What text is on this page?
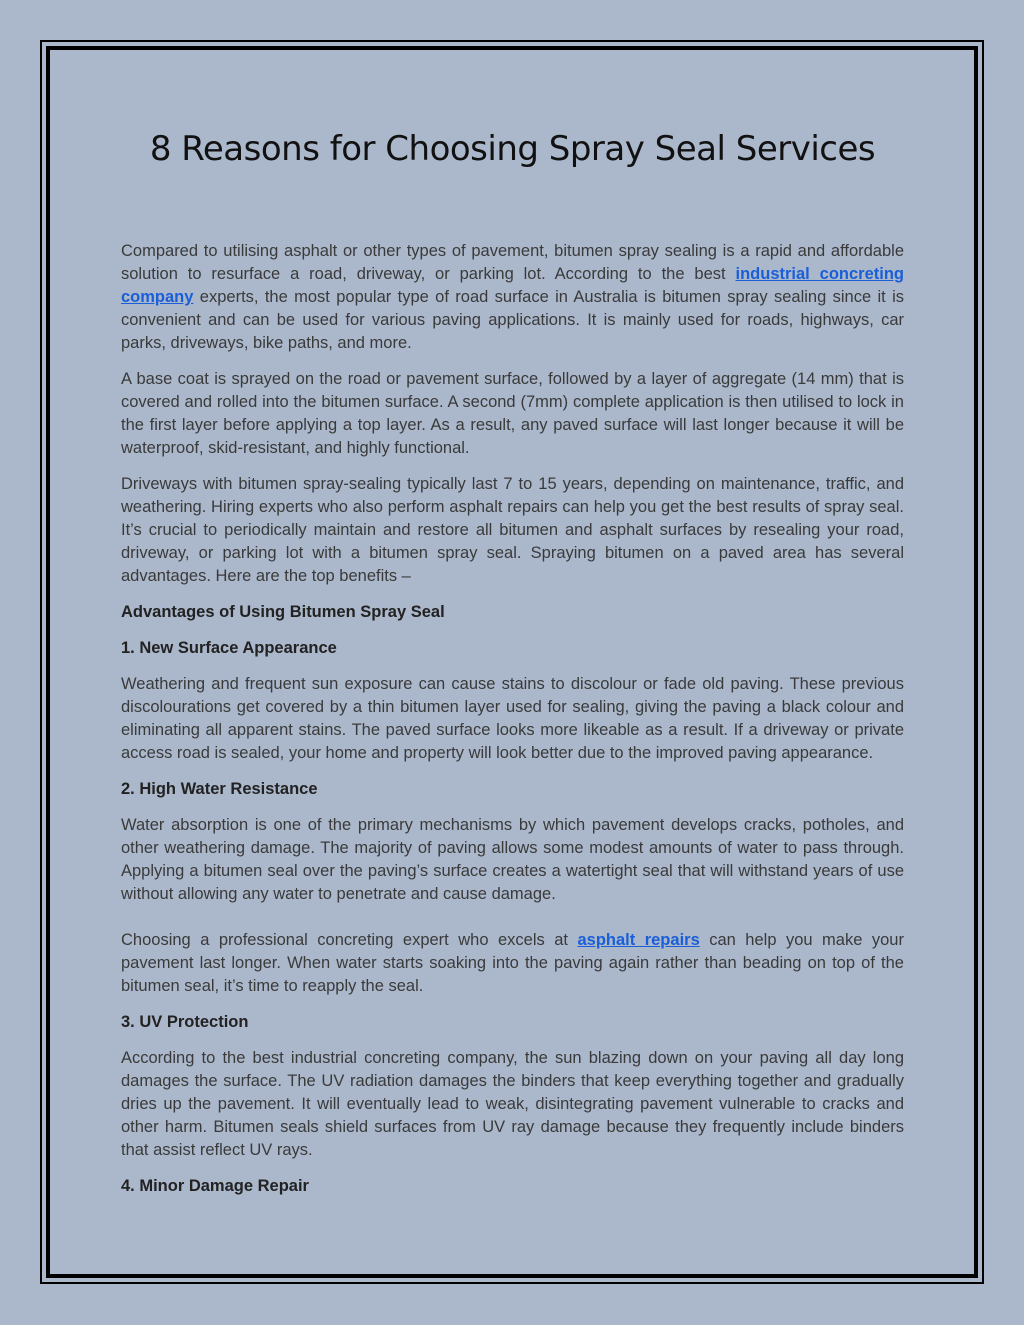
8 Reasons for Choosing Spray Seal Services

Compared to utilising asphalt or other types of pavement, bitumen spray sealing is a rapid and affordable solution to resurface a road, driveway, or parking lot. According to the best industrial concreting company experts, the most popular type of road surface in Australia is bitumen spray sealing since it is convenient and can be used for various paving applications. It is mainly used for roads, highways, car parks, driveways, bike paths, and more.

A base coat is sprayed on the road or pavement surface, followed by a layer of aggregate (14 mm) that is covered and rolled into the bitumen surface. A second (7mm) complete application is then utilised to lock in the first layer before applying a top layer. As a result, any paved surface will last longer because it will be waterproof, skid-resistant, and highly functional.

Driveways with bitumen spray-sealing typically last 7 to 15 years, depending on maintenance, traffic, and weathering. Hiring experts who also perform asphalt repairs can help you get the best results of spray seal. It’s crucial to periodically maintain and restore all bitumen and asphalt surfaces by resealing your road, driveway, or parking lot with a bitumen spray seal. Spraying bitumen on a paved area has several advantages. Here are the top benefits –

Advantages of Using Bitumen Spray Seal
1. New Surface Appearance

Weathering and frequent sun exposure can cause stains to discolour or fade old paving. These previous discolourations get covered by a thin bitumen layer used for sealing, giving the paving a black colour and eliminating all apparent stains. The paved surface looks more likeable as a result. If a driveway or private access road is sealed, your home and property will look better due to the improved paving appearance.

2. High Water Resistance

Water absorption is one of the primary mechanisms by which pavement develops cracks, potholes, and other weathering damage. The majority of paving allows some modest amounts of water to pass through. Applying a bitumen seal over the paving’s surface creates a watertight seal that will withstand years of use without allowing any water to penetrate and cause damage.

Choosing a professional concreting expert who excels at asphalt repairs can help you make your pavement last longer. When water starts soaking into the paving again rather than beading on top of the bitumen seal, it’s time to reapply the seal.

3. UV Protection

According to the best industrial concreting company, the sun blazing down on your paving all day long damages the surface. The UV radiation damages the binders that keep everything together and gradually dries up the pavement. It will eventually lead to weak, disintegrating pavement vulnerable to cracks and other harm. Bitumen seals shield surfaces from UV ray damage because they frequently include binders that assist reflect UV rays.

4. Minor Damage Repair
